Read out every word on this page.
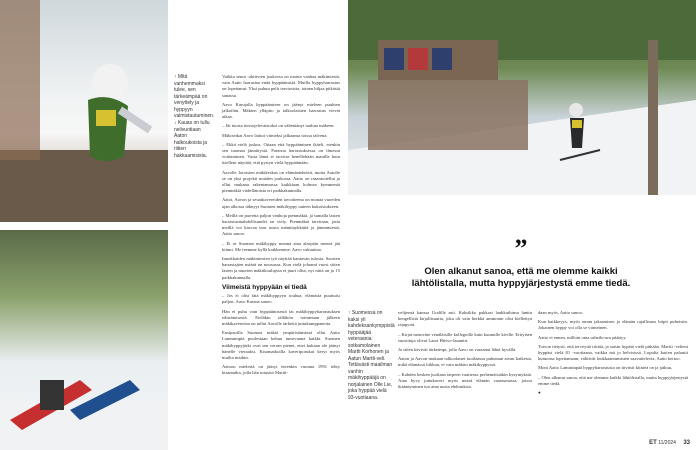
↑ Mitä vanhemmaksi tulee, sen tärkeämpää on venyttely ja hyppyyn valmistautuminen.
↓ Kauas on tullu nelivuotiaan Aaton halkoukoista ja riitien hakkaamisista.

Vaikka senra -aktiivien joukossa on monta vanhaa mäkimiestä, vain Aatto harrastaa enää hyppäämistä. Muilla hyppyharrastus on lopettanut. Yksi puhuu pelit traviosista, toinen hiljaa pitkästä sanassa.

Aavo Karujalla hyppäämisen on jäänyt mieleen puuhien jalkoihin. Mäkien ylläpito ja talkoolaisten harrastus vievät aikaa.

– Jäi tuosta tiessojelevaistoksi on vähentänyt touhua mäkeen.

Mäkiseikat Aavo laittoi viimeksi jalkaansa toissa talvena.

– Ekkä vielä joskus. Ottaan että hyppääminen ikäeli, etenkin sen tuomaa jännittystä. Paraista harrastuksessa on ilmessä voittaminen. Vasta lämä et tarvitse kenellekään mauille kuin itselleni näyttää, että pystyn vielä hyppäämään.

Aavolle Joroisten mäkikeskus on elämäntehtävä, mutta Aatolle se on yksi projekti muiden joukossa. Aatto on rasantoitellut ja ollut mukana rakentamassa kaikkiaan kolmea kymmentä pienmäkiä viidellätoista eri paikkakunnalla.

Aatot, Aavon ja seurakavereiden tavoitteena on monaa vuoeden ajan alkossa tähnyyt Suomen mäkihyppy uuteen kukoistukseen.

– Meillä on parretta paljon vanhoja pienmäkiä, ja samalla lasten harrastusmahdollisuudet on viety. Pienmäkiä tarvitaan, jotta meillä voi kasvaa taas uusia mäntttaykkäitä ja jännnmiestä, Aatto sanoo.

– Ei se Suomen mäkihyppy mennä aina alaspäin meneä jää kiinni. Me teemme kyllä kaikkemme, Aavo vakuuttaa.

Innokkaiden mäkimiesten työ näyttää kantavan tulosta. Suorten harrastajien määrä on nousussa. Kun vielä johonni vuosi sitten lasten ja nuorten mäkiikoulujssa ei juuri ollut, nyt niitä on jo 15 paikkakunnalla.

Viimeistä hyppyään ei tiedä

– Jos ei olisi tätä mäkihyppyyn touhua, elämästä puuttuisi paljon, Aavo Karaus sanoo.

Hän ei puhu vain hyppäämisestä tai mäkihyppyharrastuksen edistämisestä. Eteläkin tälläkön toiminnan jälkeen mäkikavereista on tullut Aavolle tärkeitä juttukumppaneita.

Ensipaoilla Suomea mäkiä ympäristämässä ollut Aatto Lammimpiä puolestaan kehuu tumrvanna kaikki. Suomen mäkihyppyjärki ovat sen verran pienet, ettei kukaan ole jäänyt hänelle vieraaksi. Kisamatkoilla kaveriporukat keryt myös muilta maihin.

Aatoon mielestä on jääsyt eteenkin vuonna 1991 tehty kisamatka, jolla hän tutustui Martti-

”
Olen alkanut sanoa, että me olemme kaikki lähtölistalla, mutta hyppyjärjestystä emme tiedä.
↑ Suomessa on kaksi yli kahdeksankymppistä hyppääjää veteraania: sotkamolainen Martti Korhonen ja Aatun Martti-veli. Tettävästi maailman vanhin mäkihyppääjä on norjalainen Olle Lie, joka hyppää vielä 93-vuotiaana.

velijensä kanssa Uralille asti. Kaksikko pakkasi laukkuihinsa lanttu hengellisiä kirjallisuutta, joka oli vain herkkä ammonin olisi kiellettyä rajapyrtä.

– Kirjat meniväte venäläisille kollegoille kuin kuumille kiville. Erityisen suosittuja olivat Lauri Hiisvo-lauantit.

Ja sitten kävivät tärkeimpi, jolla Aavo on varaanut lähtä hyvällä.

Aaton ja Aavon mukaan talkoolaiset tuoilaassa puhutaan aivan kaikesta, mikä elämässä liikkuu, ei vain mäkiin mäkihyppyssä.

– Kahden kesken juotlaan tarpeen vaatiessa perhemäisiäkin kysymyksiä. Aina hyvy juttukaveri myös missä elämän vaarasmassa, joissa ikääntyminen tuo aina uusia ehdotuksia.

daan myös, Aatto sanoo.

Kun kaikkeyys, myös oman jaksamisen ja elämän rajallisuus hiipii puheisiin. Jokainen hyppy voi olla se viimeinen.

Aatto ei ennen, milloin oma urheilu-ura päättyy.

Toivon tietysti, että terveyttä riittää, ja saisin hypätä vielä pitkään. Martti -velieni hyppäsi vielä 81 -vuotiaana, vaikka mä jo helvisissä. Lopulta kuiten palautti kuntonsa lopettamaan, välttivät loukkaantumisten saavuttelevia, Aatto kertoo.

Moni Aatto Lamminpää hyppyharrastusta on tiiviisti kiinteä on ja jatkuu,

– Olen alkanut sanoa, että me olemme kaikki lähtölistalla, mutta hyppyjärjestystä emme tiedä.

●

ET 11/2024 33
